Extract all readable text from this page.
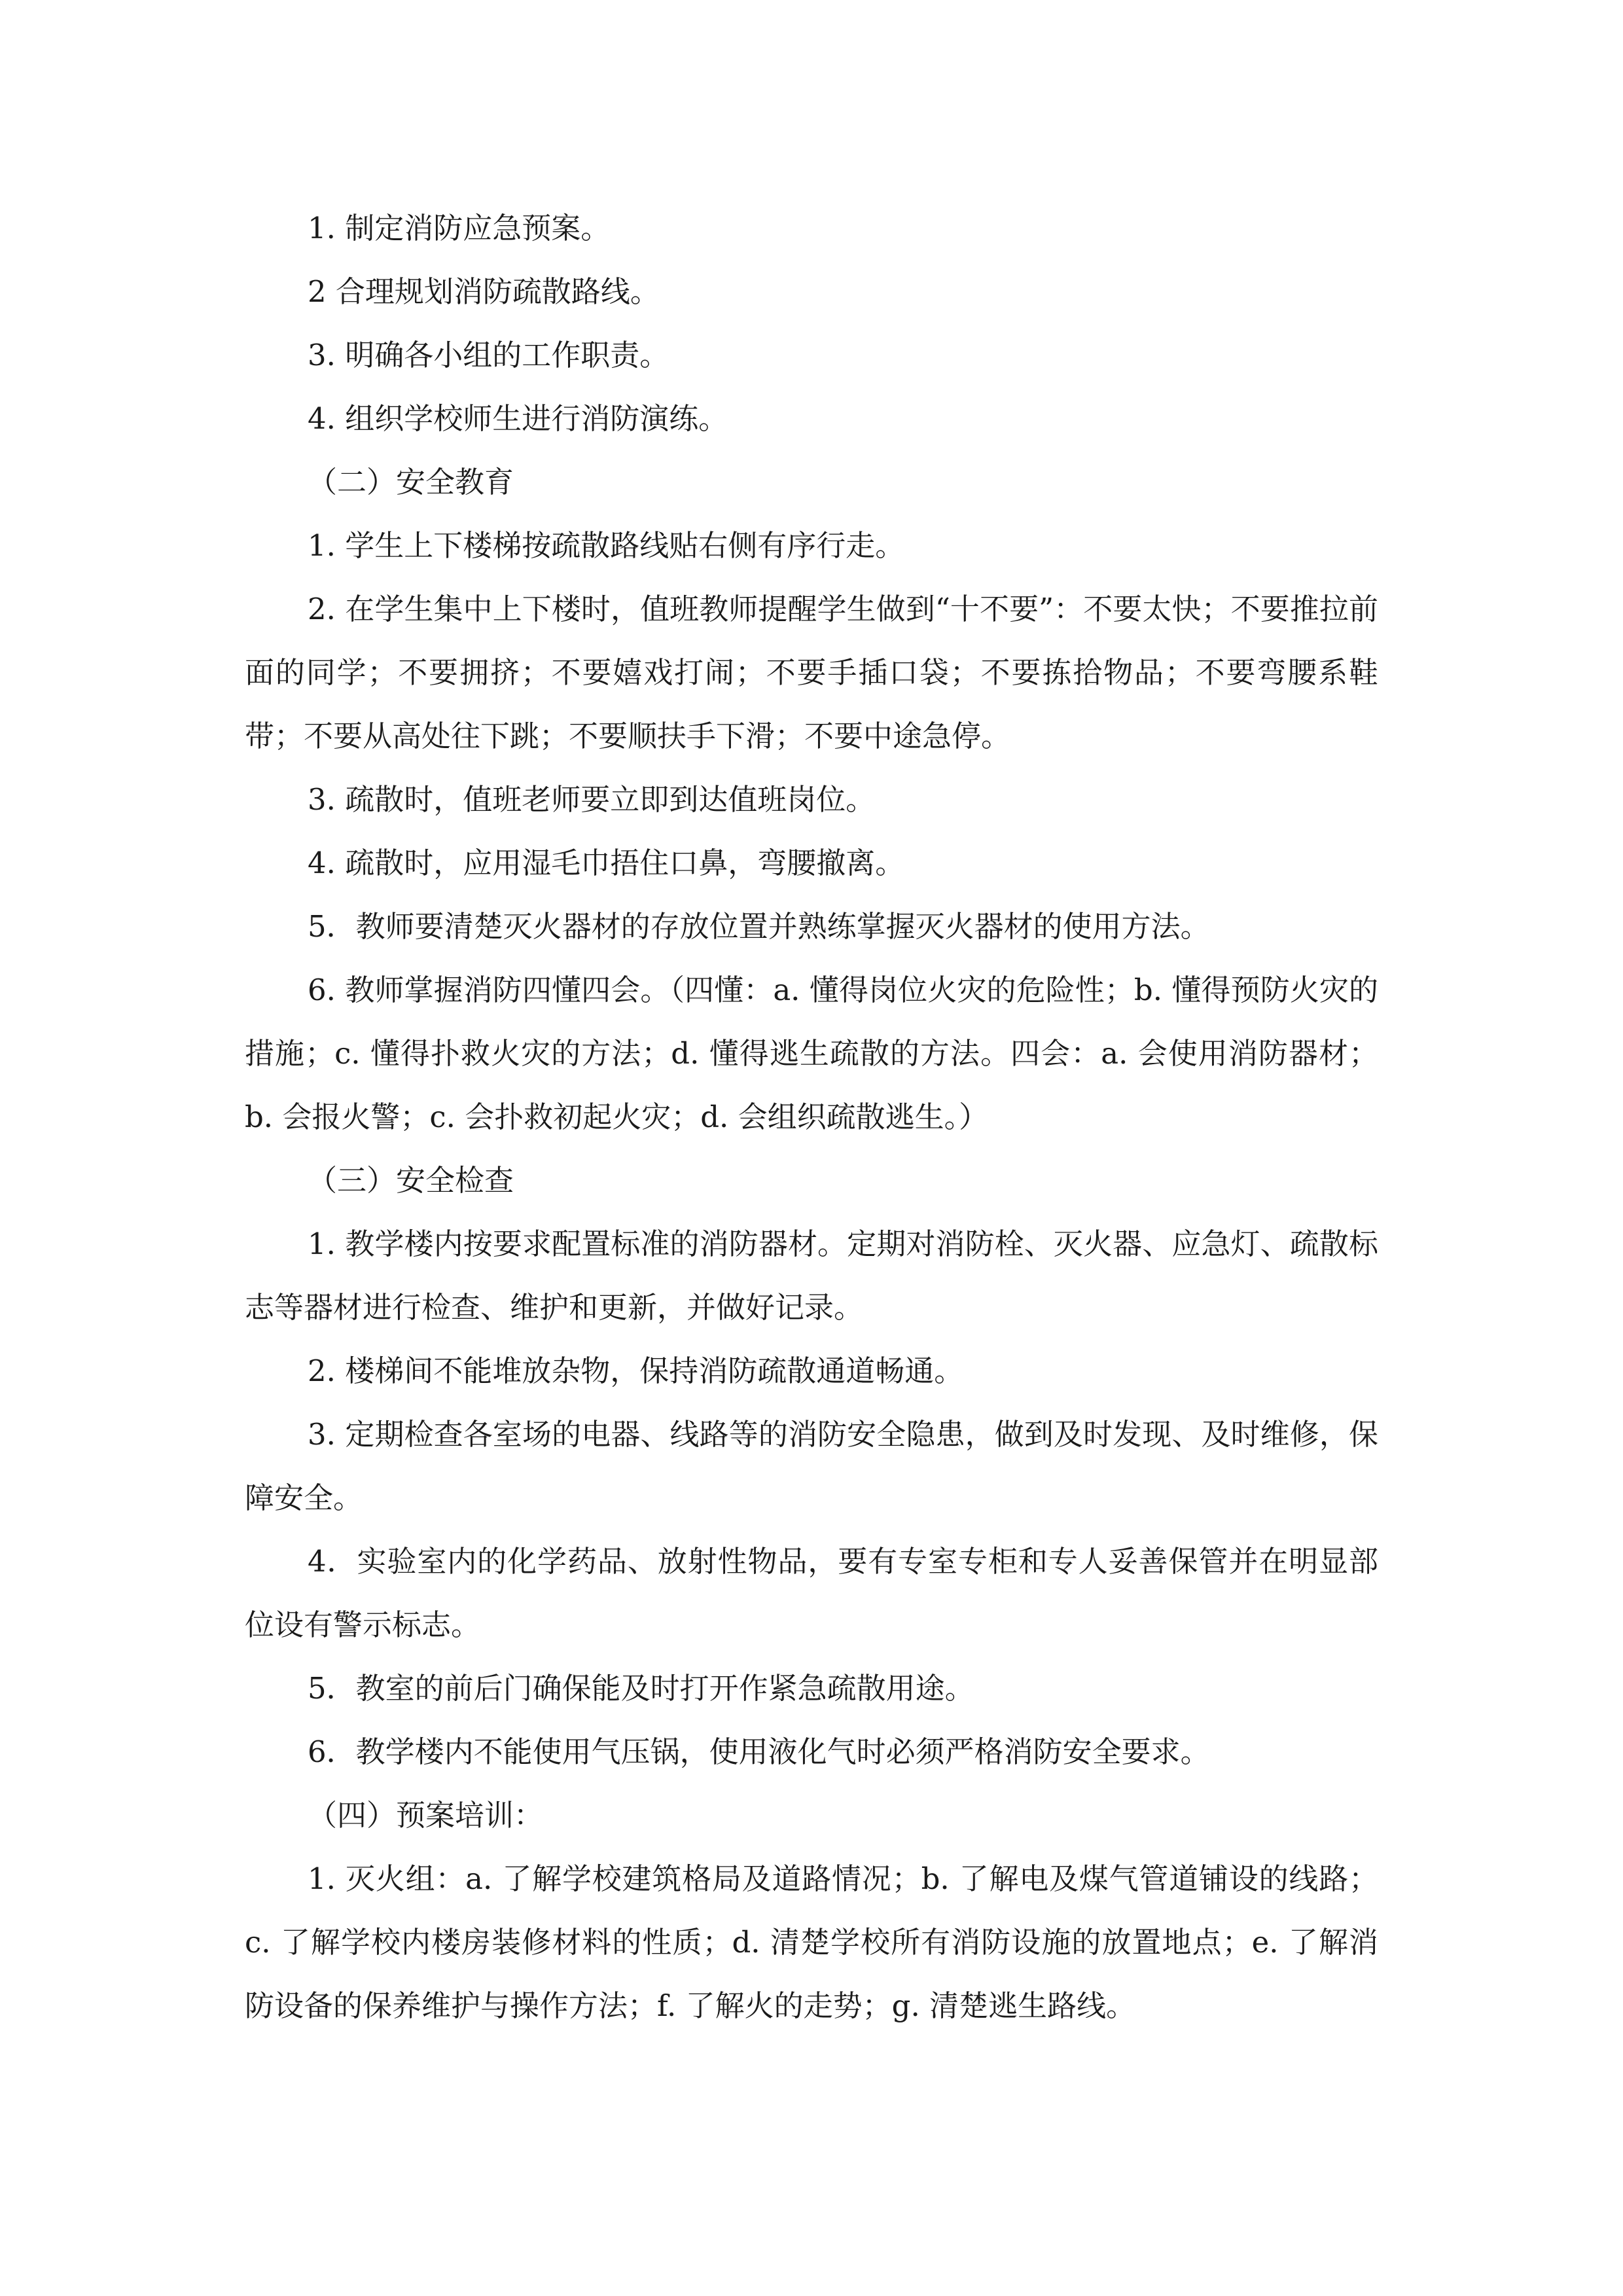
1. 制定消防应急预案。

2 合理规划消防疏散路线。

3. 明确各小组的工作职责。

4. 组织学校师生进行消防演练。

（二）安全教育

1. 学生上下楼梯按疏散路线贴右侧有序行走。

2. 在学生集中上下楼时，值班教师提醒学生做到“十不要”：不要太快；不要推拉前面的同学；不要拥挤；不要嬉戏打闹；不要手插口袋；不要拣拾物品；不要弯腰系鞋带；不要从高处往下跳；不要顺扶手下滑；不要中途急停。

3. 疏散时，值班老师要立即到达值班岗位。

4. 疏散时，应用湿毛巾捂住口鼻，弯腰撤离。

5．教师要清楚灭火器材的存放位置并熟练掌握灭火器材的使用方法。

6. 教师掌握消防四懂四会。（四懂：a. 懂得岗位火灾的危险性；b. 懂得预防火灾的措施；c. 懂得扑救火灾的方法；d. 懂得逃生疏散的方法。四会：a. 会使用消防器材；b. 会报火警；c. 会扑救初起火灾；d. 会组织疏散逃生。）

（三）安全检查

1. 教学楼内按要求配置标准的消防器材。定期对消防栓、灭火器、应急灯、疏散标志等器材进行检查、维护和更新，并做好记录。

2. 楼梯间不能堆放杂物，保持消防疏散通道畅通。

3. 定期检查各室场的电器、线路等的消防安全隐患，做到及时发现、及时维修，保障安全。

4．实验室内的化学药品、放射性物品，要有专室专柜和专人妥善保管并在明显部位设有警示标志。

5．教室的前后门确保能及时打开作紧急疏散用途。

6．教学楼内不能使用气压锅，使用液化气时必须严格消防安全要求。

（四）预案培训：

1. 灭火组：a. 了解学校建筑格局及道路情况；b. 了解电及煤气管道铺设的线路；c. 了解学校内楼房装修材料的性质；d. 清楚学校所有消防设施的放置地点；e. 了解消防设备的保养维护与操作方法；f. 了解火的走势；g. 清楚逃生路线。
